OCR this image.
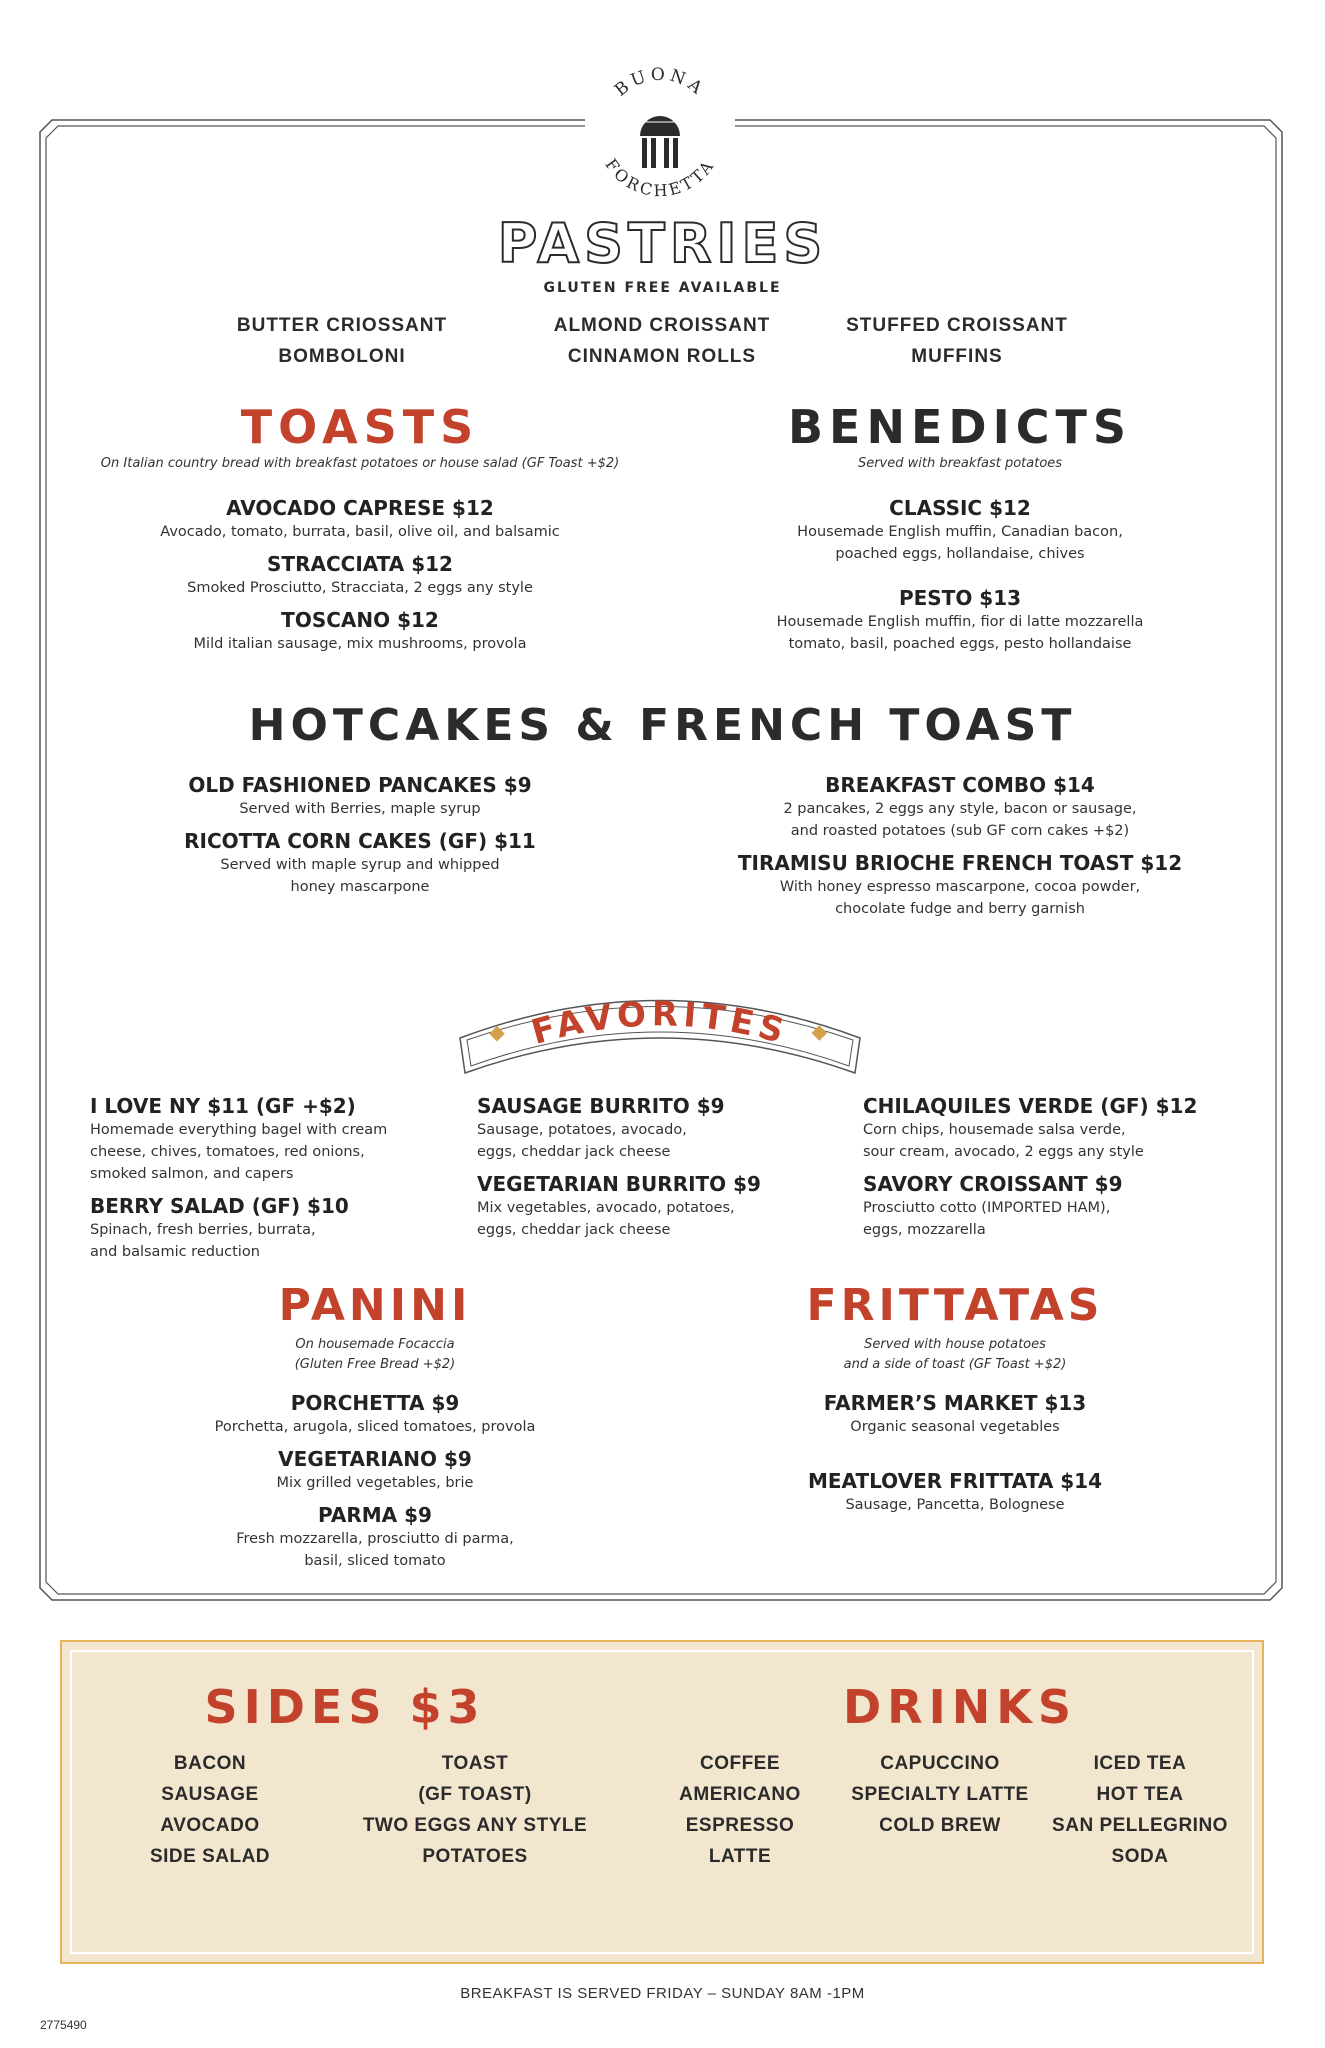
BUONA
FORCHETTA
PASTRIES
GLUTEN FREE AVAILABLE
BUTTER CRIOSSANT
BOMBOLONI
ALMOND CROISSANT
CINNAMON ROLLS
STUFFED CROISSANT
MUFFINS
TOASTS
On Italian country bread with breakfast potatoes or house salad (GF Toast +$2)
AVOCADO CAPRESE $12
Avocado, tomato, burrata, basil, olive oil, and balsamic
STRACCIATA $12
Smoked Prosciutto, Stracciata, 2 eggs any style
TOSCANO $12
Mild italian sausage, mix mushrooms, provola
BENEDICTS
Served with breakfast potatoes
CLASSIC $12
Housemade English muffin, Canadian bacon,
poached eggs, hollandaise, chives
PESTO $13
Housemade English muffin, fior di latte mozzarella
tomato, basil, poached eggs, pesto hollandaise
HOTCAKES & FRENCH TOAST
OLD FASHIONED PANCAKES $9
Served with Berries, maple syrup
RICOTTA CORN CAKES (GF) $11
Served with maple syrup and whipped
honey mascarpone
BREAKFAST COMBO $14
2 pancakes, 2 eggs any style, bacon or sausage,
and roasted potatoes (sub GF corn cakes +$2)
TIRAMISU BRIOCHE FRENCH TOAST $12
With honey espresso mascarpone, cocoa powder,
chocolate fudge and berry garnish
FAVORITES
I LOVE NY $11 (GF +$2)
Homemade everything bagel with cream
cheese, chives, tomatoes, red onions,
smoked salmon, and capers
BERRY SALAD (GF) $10
Spinach, fresh berries, burrata,
and balsamic reduction
SAUSAGE BURRITO $9
Sausage, potatoes, avocado,
eggs, cheddar jack cheese
VEGETARIAN BURRITO $9
Mix vegetables, avocado, potatoes,
eggs, cheddar jack cheese
CHILAQUILES VERDE (GF) $12
Corn chips, housemade salsa verde,
sour cream, avocado, 2 eggs any style
SAVORY CROISSANT $9
Prosciutto cotto (IMPORTED HAM),
eggs, mozzarella
PANINI
On housemade Focaccia
(Gluten Free Bread +$2)
PORCHETTA $9
Porchetta, arugola, sliced tomatoes, provola
VEGETARIANO $9
Mix grilled vegetables, brie
PARMA $9
Fresh mozzarella, prosciutto di parma,
basil, sliced tomato
FRITTATAS
Served with house potatoes
and a side of toast (GF Toast +$2)
FARMER’S MARKET $13
Organic seasonal vegetables
MEATLOVER FRITTATA $14
Sausage, Pancetta, Bolognese
SIDES $3	DRINKS
BACON
SAUSAGE
AVOCADO
SIDE SALAD
TOAST
(GF TOAST)
TWO EGGS ANY STYLE
POTATOES
COFFEE
AMERICANO
ESPRESSO
LATTE
CAPUCCINO
SPECIALTY LATTE
COLD BREW
ICED TEA
HOT TEA
SAN PELLEGRINO
SODA
BREAKFAST IS SERVED FRIDAY – SUNDAY 8AM -1PM
2775490
